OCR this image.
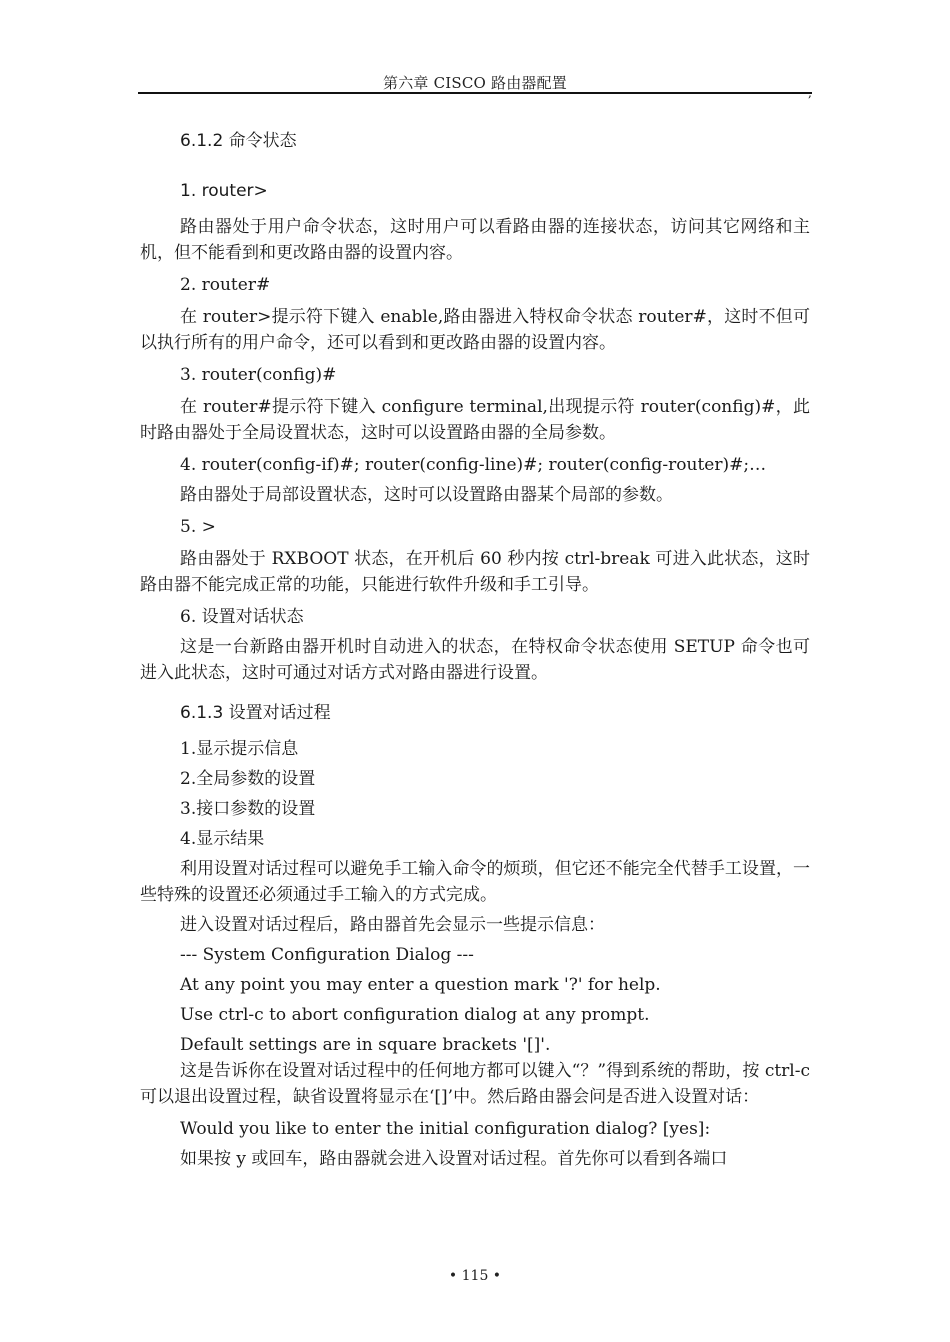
第六章 CISCO 路由器配置
,

6.1.2 命令状态

1. router>

路由器处于用户命令状态，这时用户可以看路由器的连接状态，访问其它网络和主机，但不能看到和更改路由器的设置内容。

2. router#

在 router>提示符下键入 enable,路由器进入特权命令状态 router#，这时不但可以执行所有的用户命令，还可以看到和更改路由器的设置内容。

3. router(config)#

在 router#提示符下键入 configure terminal,出现提示符 router(config)#，此时路由器处于全局设置状态，这时可以设置路由器的全局参数。

4. router(config-if)#; router(config-line)#; router(config-router)#;…

路由器处于局部设置状态，这时可以设置路由器某个局部的参数。

5. >

路由器处于 RXBOOT 状态，在开机后 60 秒内按 ctrl-break 可进入此状态，这时路由器不能完成正常的功能，只能进行软件升级和手工引导。

6. 设置对话状态

这是一台新路由器开机时自动进入的状态，在特权命令状态使用 SETUP 命令也可进入此状态，这时可通过对话方式对路由器进行设置。

6.1.3 设置对话过程

1.显示提示信息

2.全局参数的设置

3.接口参数的设置

4.显示结果

利用设置对话过程可以避免手工输入命令的烦琐，但它还不能完全代替手工设置，一些特殊的设置还必须通过手工输入的方式完成。

进入设置对话过程后，路由器首先会显示一些提示信息：

--- System Configuration Dialog ---

At any point you may enter a question mark '?' for help.

Use ctrl-c to abort configuration dialog at any prompt.

Default settings are in square brackets '[]'.

这是告诉你在设置对话过程中的任何地方都可以键入“？”得到系统的帮助，按 ctrl-c 可以退出设置过程，缺省设置将显示在‘[]’中。然后路由器会问是否进入设置对话：

Would you like to enter the initial configuration dialog? [yes]:

如果按 y 或回车，路由器就会进入设置对话过程。首先你可以看到各端口

• 115 •
